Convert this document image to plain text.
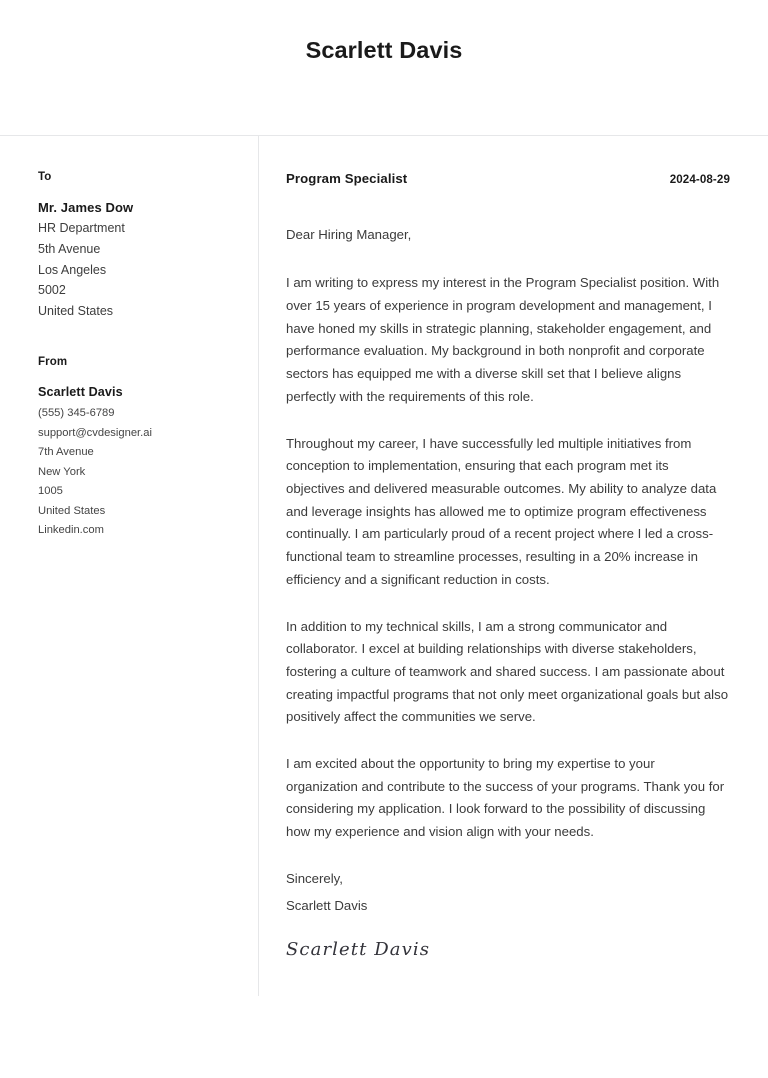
Scarlett Davis
To
Mr. James Dow
HR Department
5th Avenue
Los Angeles
5002
United States
From
Scarlett Davis
(555) 345-6789
support@cvdesigner.ai
7th Avenue
New York
1005
United States
Linkedin.com
Program Specialist	2024-08-29
Dear Hiring Manager,

I am writing to express my interest in the Program Specialist position. With over 15 years of experience in program development and management, I have honed my skills in strategic planning, stakeholder engagement, and performance evaluation. My background in both nonprofit and corporate sectors has equipped me with a diverse skill set that I believe aligns perfectly with the requirements of this role.

Throughout my career, I have successfully led multiple initiatives from conception to implementation, ensuring that each program met its objectives and delivered measurable outcomes. My ability to analyze data and leverage insights has allowed me to optimize program effectiveness continually. I am particularly proud of a recent project where I led a cross-functional team to streamline processes, resulting in a 20% increase in efficiency and a significant reduction in costs.

In addition to my technical skills, I am a strong communicator and collaborator. I excel at building relationships with diverse stakeholders, fostering a culture of teamwork and shared success. I am passionate about creating impactful programs that not only meet organizational goals but also positively affect the communities we serve.

I am excited about the opportunity to bring my expertise to your organization and contribute to the success of your programs. Thank you for considering my application. I look forward to the possibility of discussing how my experience and vision align with your needs.

Sincerely,
Scarlett Davis
Scarlett Davis
